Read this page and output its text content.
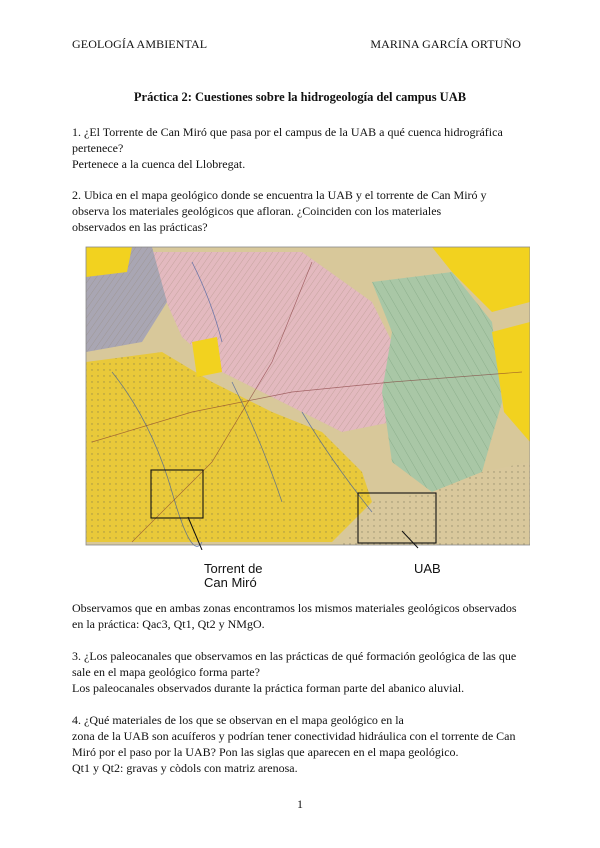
GEOLOGÍA AMBIENTAL	MARINA GARCÍA ORTUÑO
Práctica 2: Cuestiones sobre la hidrogeología del campus UAB
1. ¿El Torrente de Can Miró que pasa por el campus de la UAB a qué cuenca hidrográfica
pertenece?
Pertenece a la cuenca del Llobregat.
2. Ubica en el mapa geológico donde se encuentra la UAB y el torrente de Can Miró y
observa los materiales geológicos que afloran. ¿Coinciden con los materiales
observados en las prácticas?
Torrent de
Can Miró
UAB
Observamos que en ambas zonas encontramos los mismos materiales geológicos observados
en la práctica: Qac3, Qt1, Qt2 y NMgO.
3. ¿Los paleocanales que observamos en las prácticas de qué formación geológica de las que
sale en el mapa geológico forma parte?
Los paleocanales observados durante la práctica forman parte del abanico aluvial.
4. ¿Qué materiales de los que se observan en el mapa geológico en la
zona de la UAB son acuíferos y podrían tener conectividad hidráulica con el torrente de Can
Miró por el paso por la UAB? Pon las siglas que aparecen en el mapa geológico.
Qt1 y Qt2: gravas y còdols con matriz arenosa.
1
